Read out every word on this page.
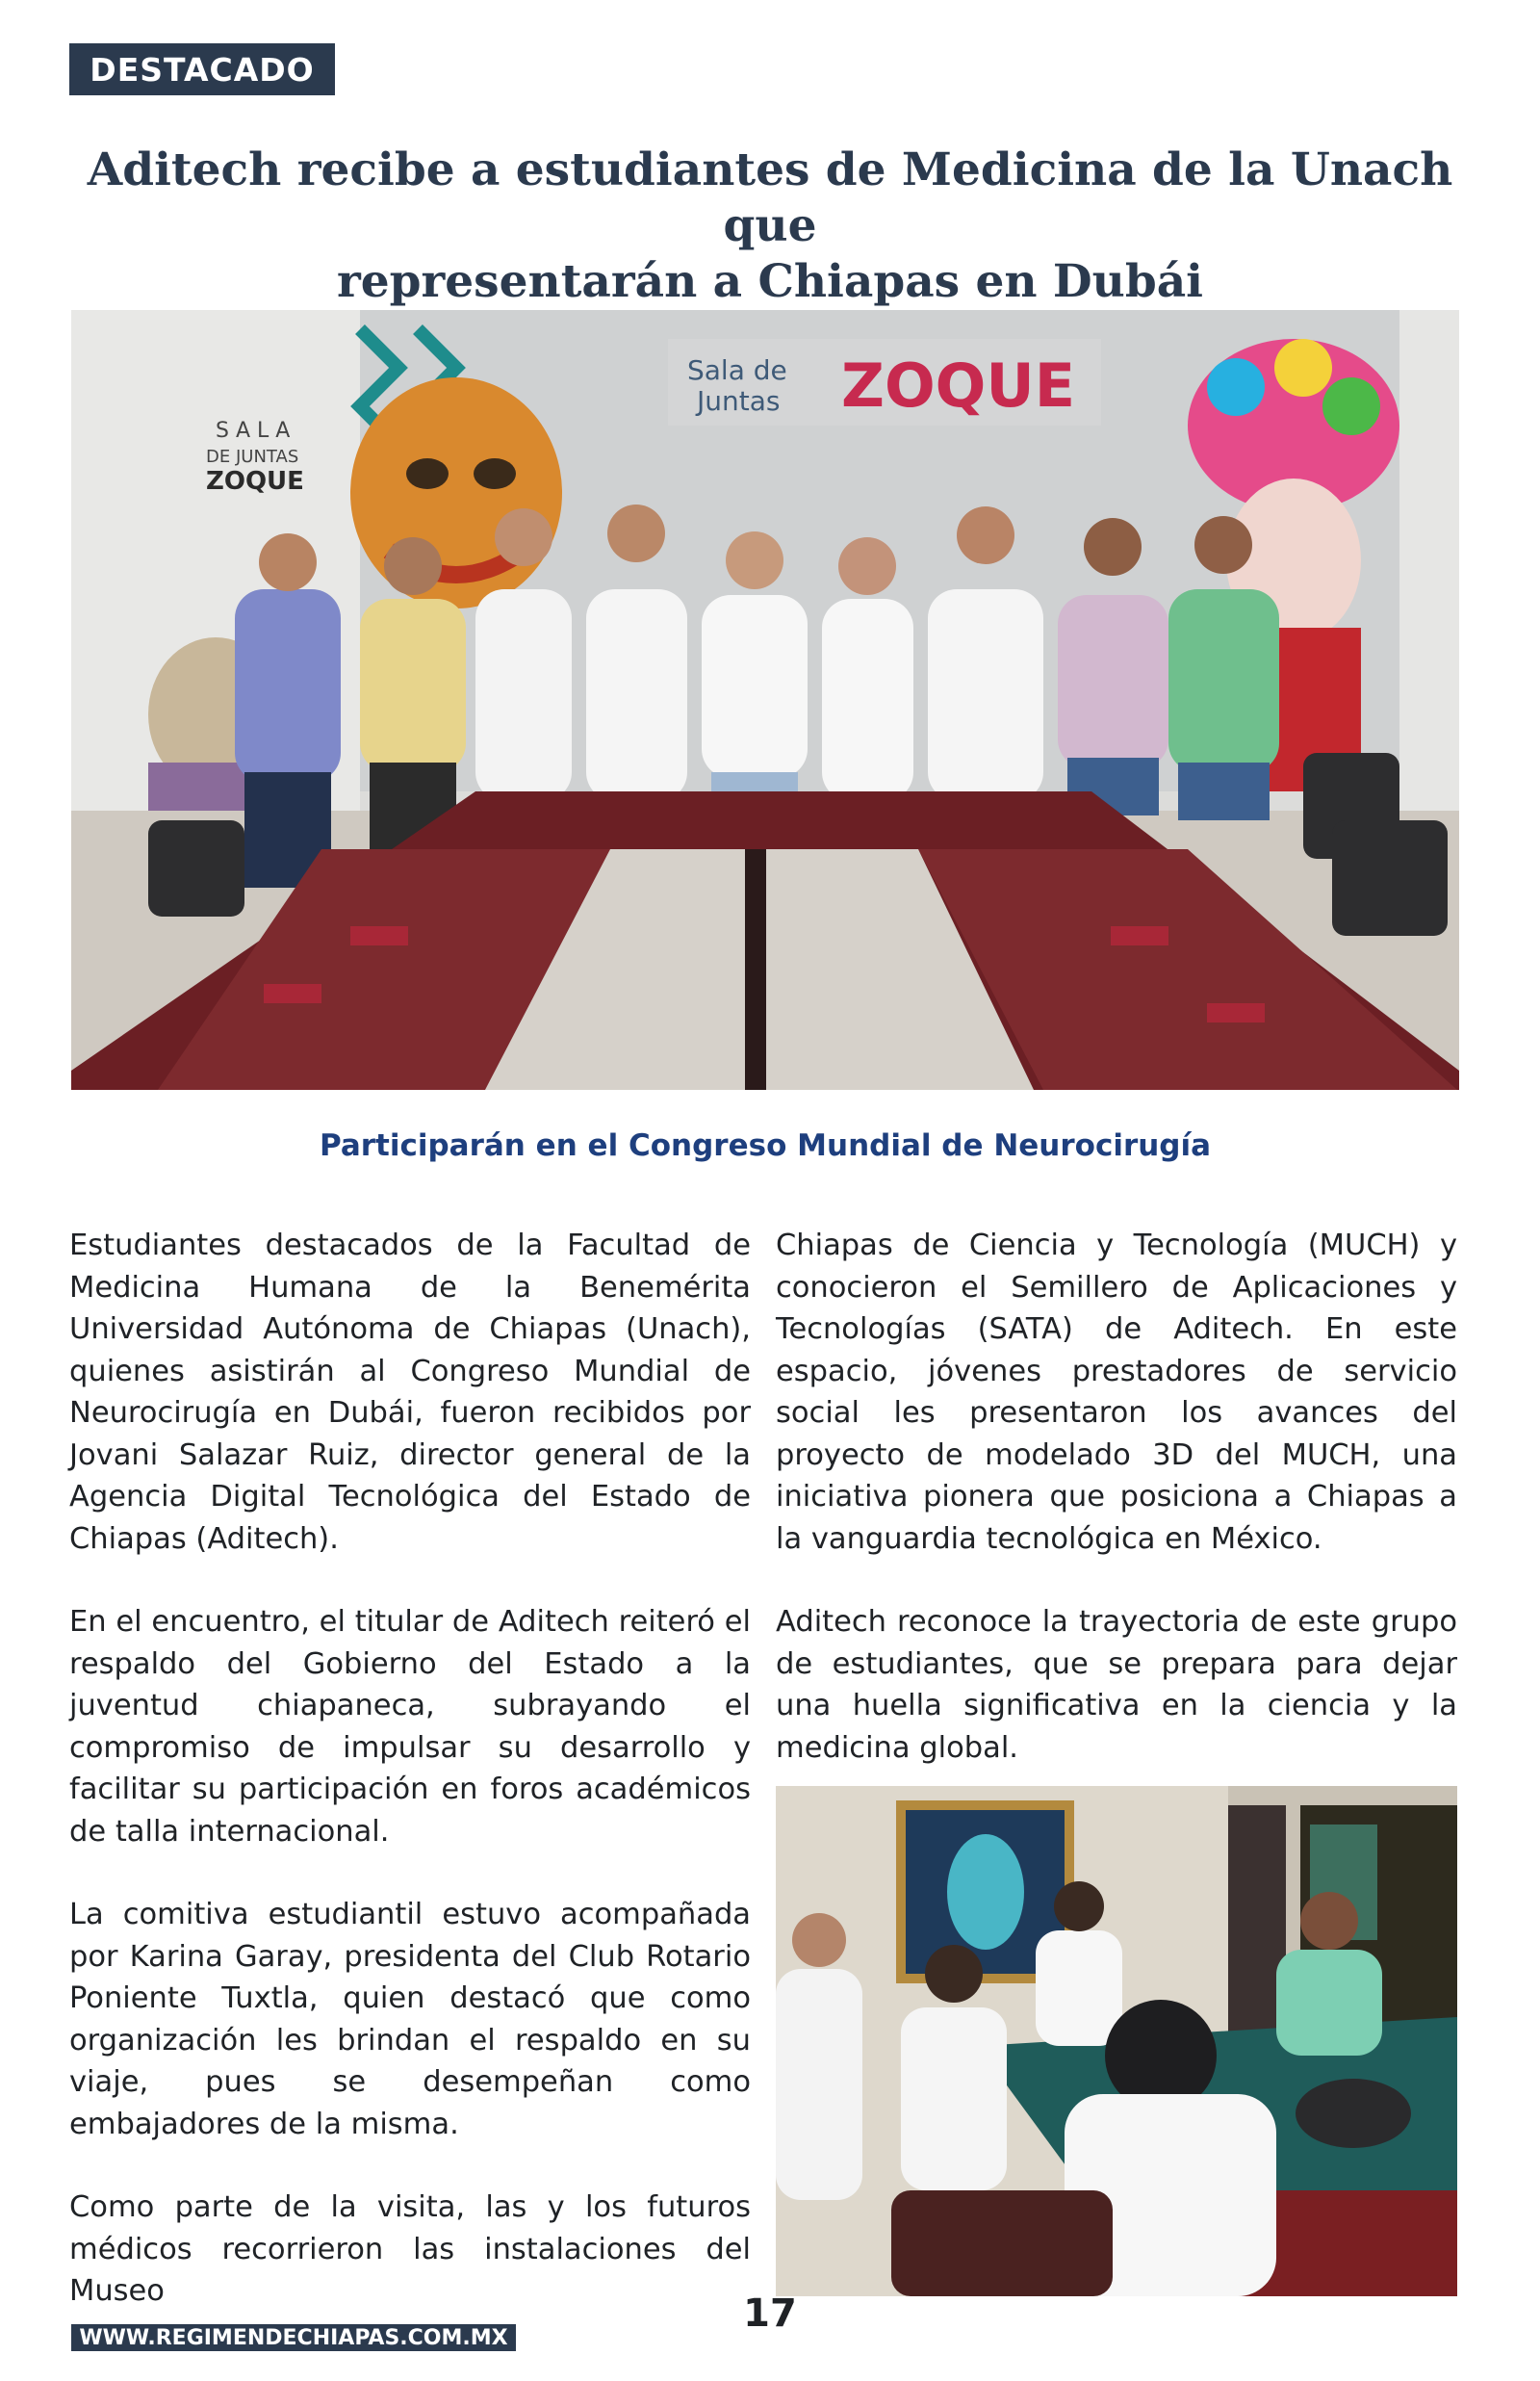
DESTACADO
Aditech recibe a estudiantes de Medicina de la Unach que
representarán a Chiapas en Dubái
Sala de
Juntas ZOQUE
S A L A
DE JUNTAS
ZOQUE
Participarán en el Congreso Mundial de Neurocirugía

Estudiantes destacados de la Facultad de Medicina Humana de la Benemérita Universidad Autónoma de Chiapas (Unach), quienes asistirán al Congreso Mundial de Neurocirugía en Dubái, fueron recibidos por Jovani Salazar Ruiz, director general de la Agencia Digital Tecnológica del Estado de Chiapas (Aditech).

En el encuentro, el titular de Aditech reiteró el respaldo del Gobierno del Estado a la juventud chiapaneca, subrayando el compromiso de impulsar su desarrollo y facilitar su participación en foros académicos de talla internacional.

La comitiva estudiantil estuvo acompañada por Karina Garay, presidenta del Club Rotario Poniente Tuxtla, quien destacó que como organización les brindan el respaldo en su viaje, pues se desempeñan como embajadores de la misma.

Como parte de la visita, las y los futuros médicos recorrieron las instalaciones del Museo

Chiapas de Ciencia y Tecnología (MUCH) y conocieron el Semillero de Aplicaciones y Tecnologías (SATA) de Aditech. En este espacio, jóvenes prestadores de servicio social les presentaron los avances del proyecto de modelado 3D del MUCH, una iniciativa pionera que posiciona a Chiapas a la vanguardia tecnológica en México.

Aditech reconoce la trayectoria de este grupo de estudiantes, que se prepara para dejar una huella significativa en la ciencia y la medicina global.

WWW.REGIMENDECHIAPAS.COM.MX
17
